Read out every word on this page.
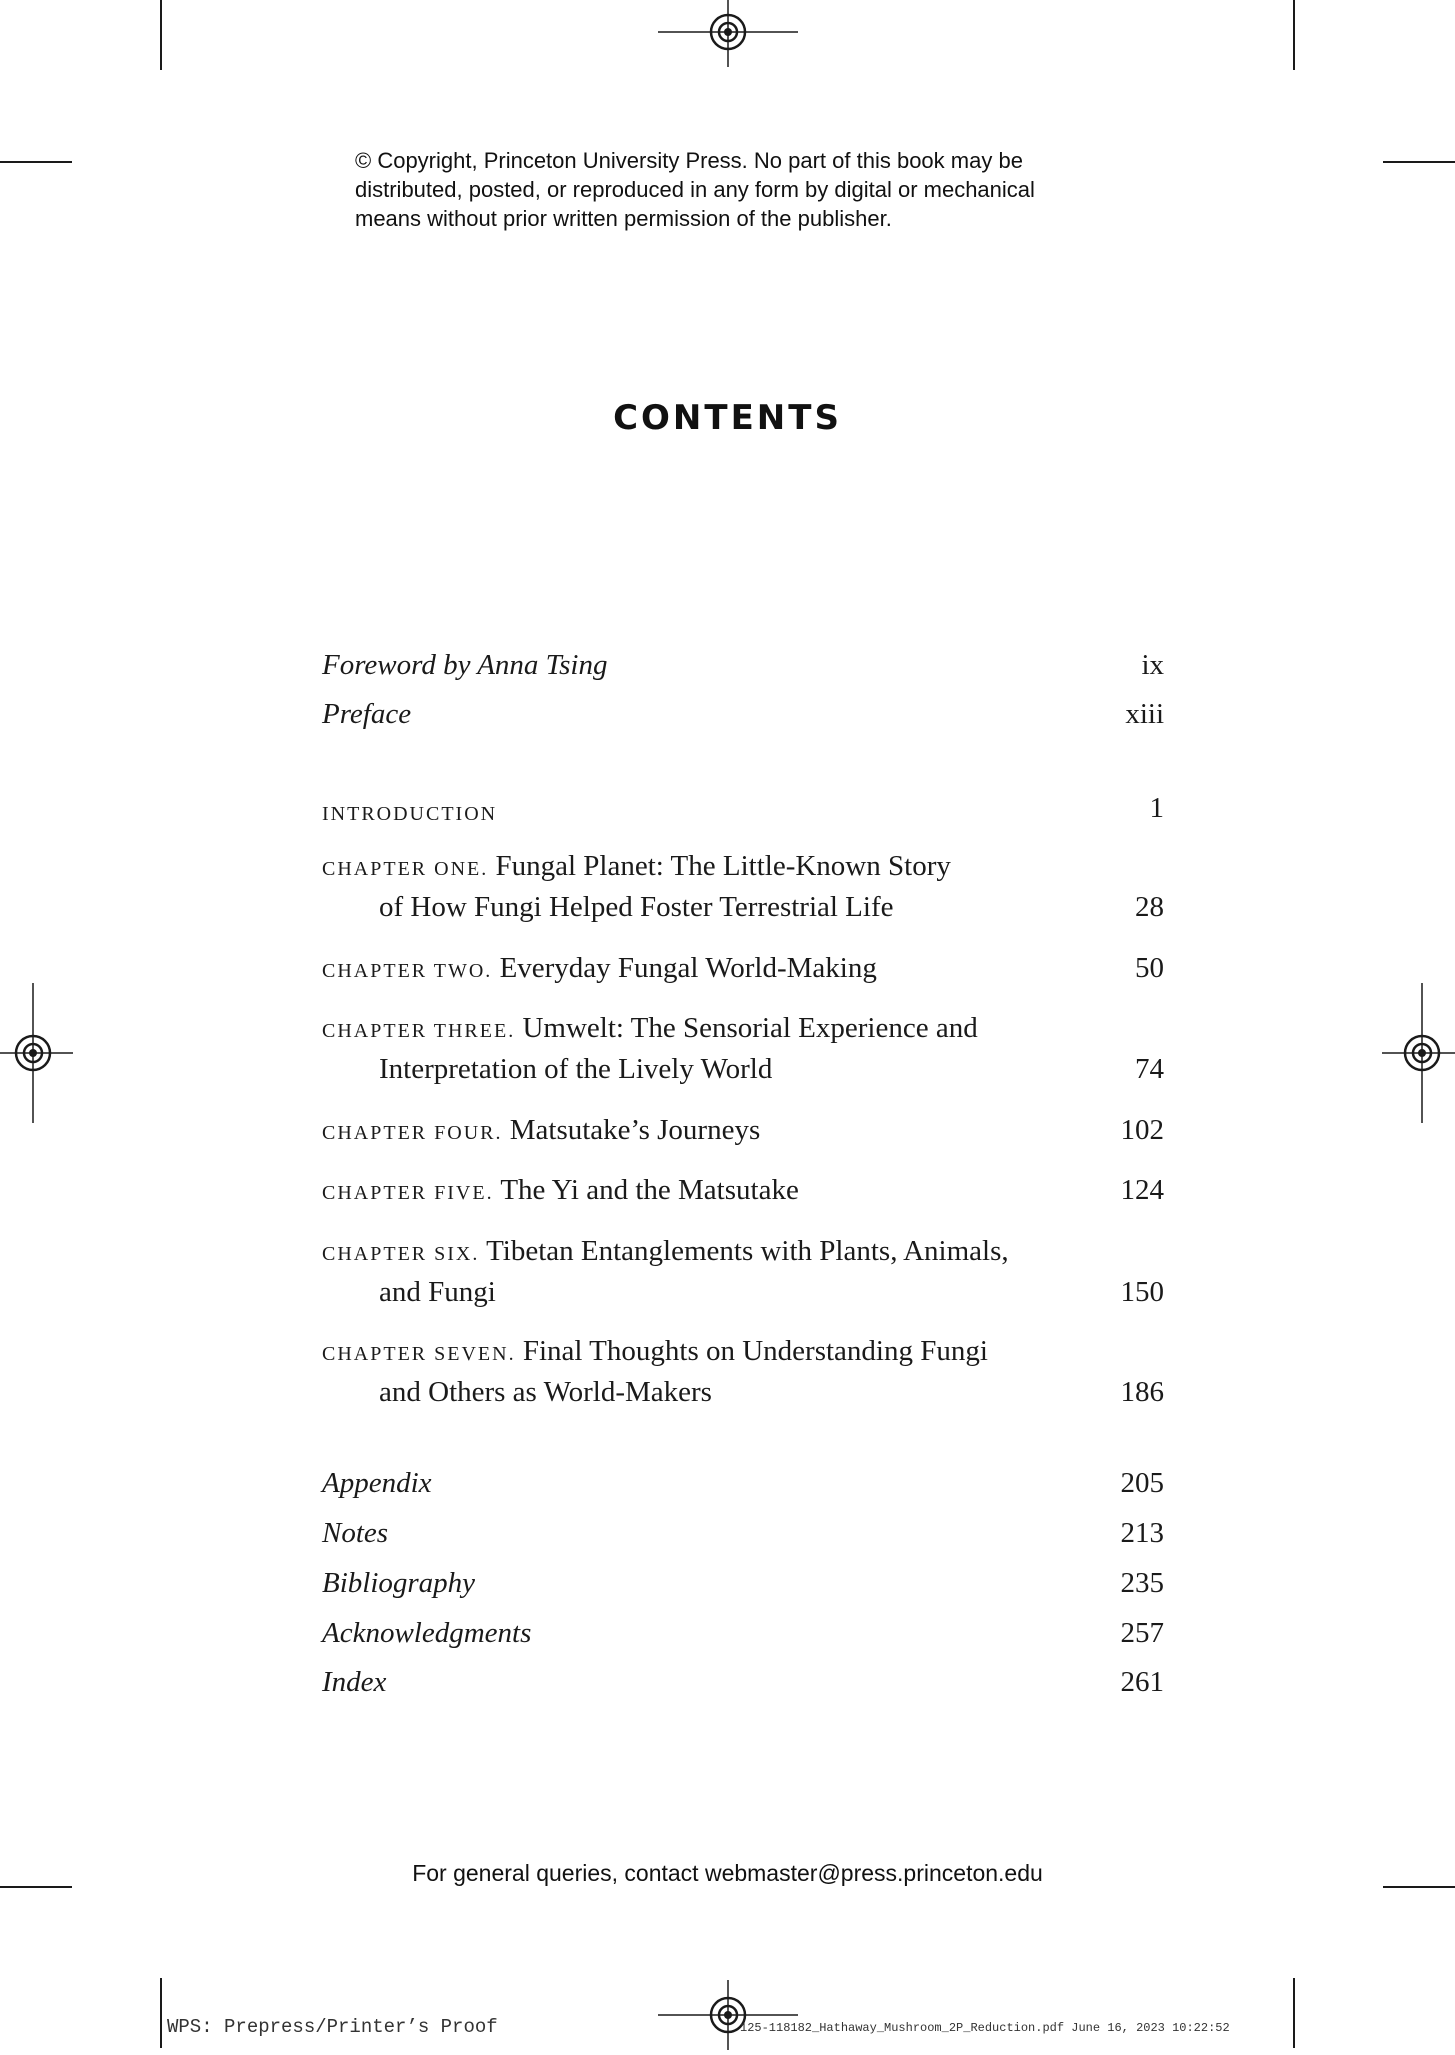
© Copyright, Princeton University Press. No part of this book may be
distributed, posted, or reproduced in any form by digital or mechanical
means without prior written permission of the publisher.
CONTENTS
Foreword by Anna Tsing	ix
Preface	xiii
INTRODUCTION	1
CHAPTER ONE. Fungal Planet: The Little-Known Story
of How Fungi Helped Foster Terrestrial Life	28
CHAPTER TWO. Everyday Fungal World-Making	50
CHAPTER THREE. Umwelt: The Sensorial Experience and
Interpretation of the Lively World	74
CHAPTER FOUR. Matsutake’s Journeys	102
CHAPTER FIVE. The Yi and the Matsutake	124
CHAPTER SIX. Tibetan Entanglements with Plants, Animals,
and Fungi	150
CHAPTER SEVEN. Final Thoughts on Understanding Fungi
and Others as World-Makers	186
Appendix	205
Notes	213
Bibliography	235
Acknowledgments	257
Index	261
For general queries, contact webmaster@press.princeton.edu
WPS: Prepress/Printer’s Proof	125-118182_Hathaway_Mushroom_2P_Reduction.pdf June 16, 2023 10:22:52
